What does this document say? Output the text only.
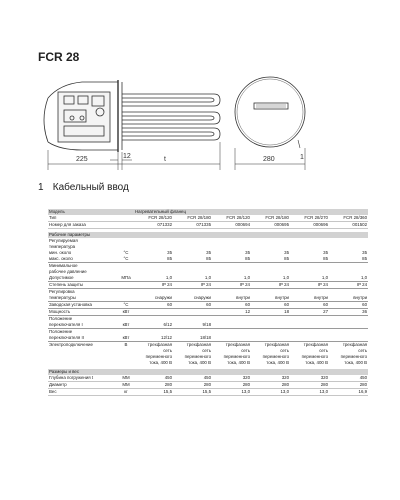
FCR 28
225	12	t	280	1
1 Кабельный ввод
Модель		Нагревательный фланец					
Тип		FCR 28/120	FCR 28/180	FCR 28/120	FCR 28/180	FCR 28/270	FCR 28/360
Номер для заказа		071332	071335	000694	000695	000696	001502

Рабочие параметры							
Регулируемая							
температура							
мин. около	°C	35	35	35	35	35	35
макс. около	°C	85	85	85	85	85	85
Минимальное							
рабочее давление							
Допустимое	МПа	1,0	1,0	1,0	1,0	1,0	1,0
Степень защиты		IP 24	IP 24	IP 24	IP 24	IP 24	IP 24
Регулировка							
температуры		снаружи	снаружи	внутри	внутри	внутри	внутри
Заводская установка	°C	60	60	60	60	60	60
Мощность	кВт			12	18	27	36
Положение							
переключателя I	кВт	6/12	9/18				
Положение							
переключателя II	кВт	12/12	18/18				
Электроподключение	В	трехфазная	трехфазная	трехфазная	трехфазная	трехфазная	трехфазная
		сеть	сеть	сеть	сеть	сеть	сеть
		переменного	переменного	переменного	переменного	переменного	переменного
		тока, 400 В	тока, 400 В	тока, 400 В	тока, 400 В	тока, 400 В	тока, 400 В

Размеры и вес							
Глубина погружения t	ММ	450	450	320	320	320	450
Диаметр	ММ	280	280	280	280	280	280
Вес	кг	15,5	15,5	13,0	13,0	13,0	16,9
